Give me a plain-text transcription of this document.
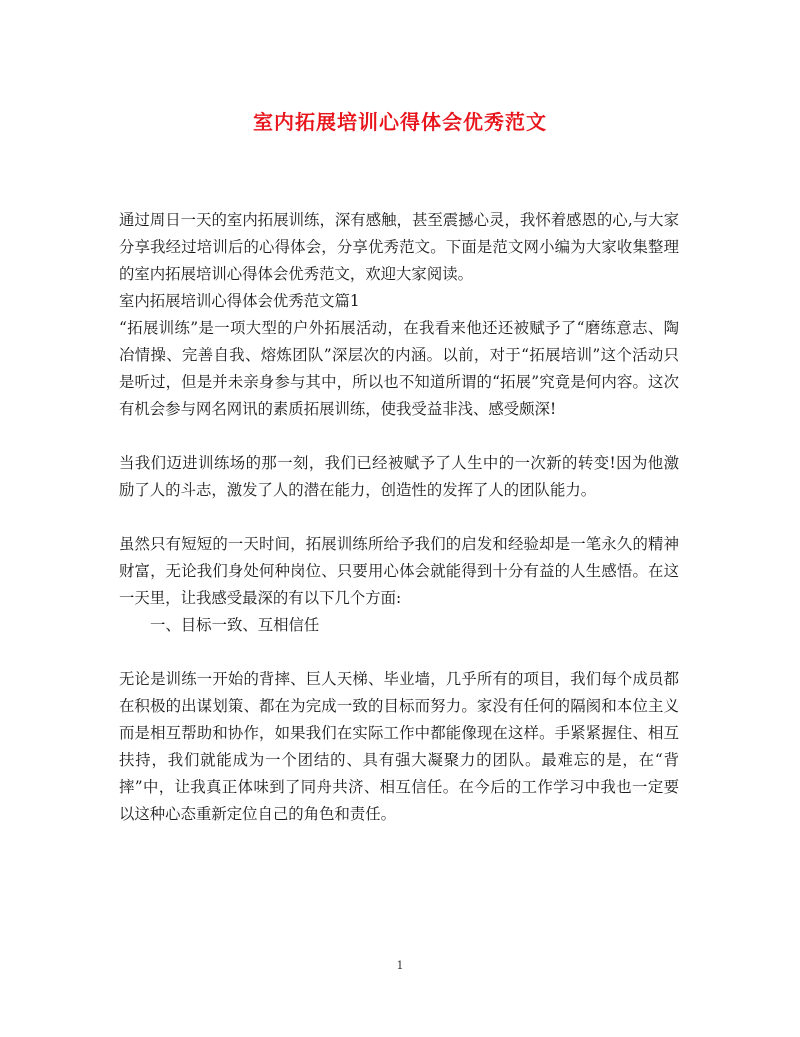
室内拓展培训心得体会优秀范文

通过周日一天的室内拓展训练，深有感触，甚至震撼心灵，我怀着感恩的心,与大家分享我经过培训后的心得体会，分享优秀范文。下面是范文网小编为大家收集整理的室内拓展培训心得体会优秀范文，欢迎大家阅读。

室内拓展培训心得体会优秀范文篇1

“拓展训练”是一项大型的户外拓展活动，在我看来他还还被赋予了“磨练意志、陶冶情操、完善自我、熔炼团队”深层次的内涵。以前，对于“拓展培训”这个活动只是听过，但是并未亲身参与其中，所以也不知道所谓的“拓展”究竟是何内容。这次有机会参与网名网讯的素质拓展训练，使我受益非浅、感受颇深!

当我们迈进训练场的那一刻，我们已经被赋予了人生中的一次新的转变!因为他激励了人的斗志，激发了人的潜在能力，创造性的发挥了人的团队能力。

虽然只有短短的一天时间，拓展训练所给予我们的启发和经验却是一笔永久的精神财富，无论我们身处何种岗位、只要用心体会就能得到十分有益的人生感悟。在这一天里，让我感受最深的有以下几个方面:

一、目标一致、互相信任

无论是训练一开始的背摔、巨人天梯、毕业墙，几乎所有的项目，我们每个成员都在积极的出谋划策、都在为完成一致的目标而努力。家没有任何的隔阂和本位主义而是相互帮助和协作，如果我们在实际工作中都能像现在这样。手紧紧握住、相互扶持，我们就能成为一个团结的、具有强大凝聚力的团队。最难忘的是，在“背摔”中，让我真正体味到了同舟共济、相互信任。在今后的工作学习中我也一定要以这种心态重新定位自己的角色和责任。

1
